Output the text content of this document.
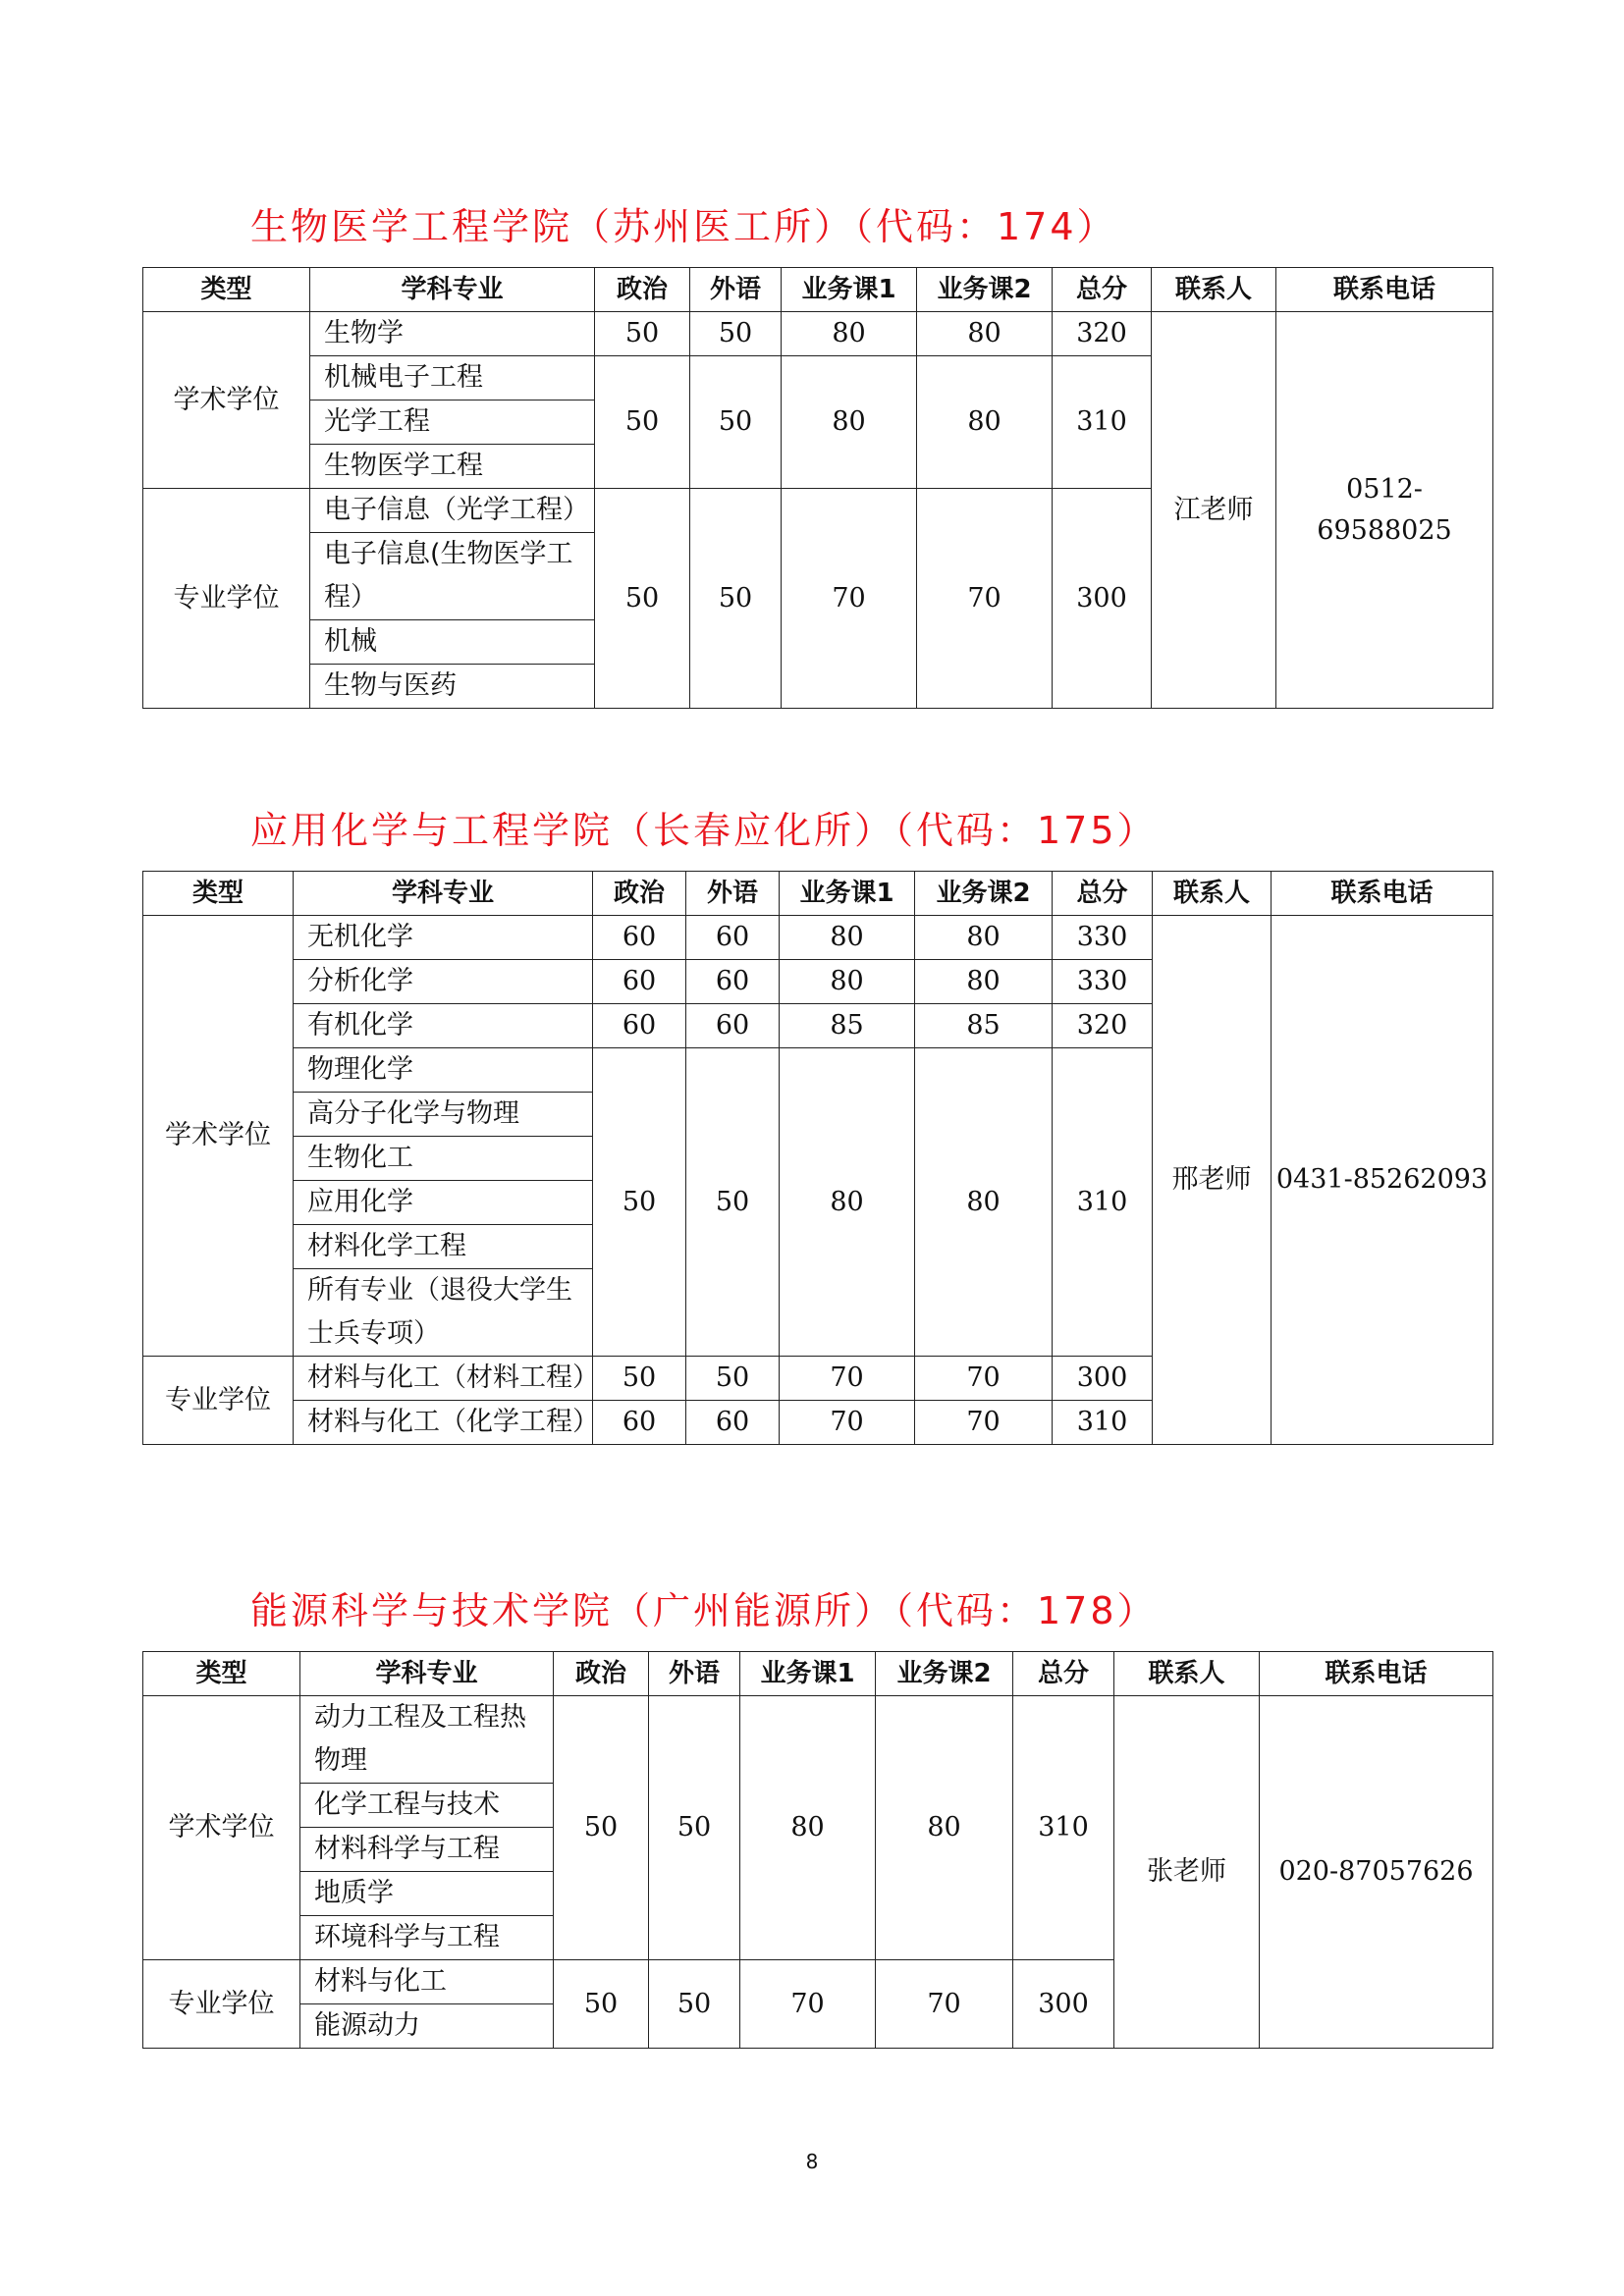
生物医学工程学院（苏州医工所）（代码：174）
类型	学科专业	政治	外语	业务课1	业务课2	总分	联系人	联系电话
学术学位	生物学	50	50	80	80	320	江老师	0512-69588025
	机械电子工程	50	50	80	80	310		
	光学工程							
	生物医学工程							
专业学位	电子信息（光学工程）	50	50	70	70	300		
	电子信息(生物医学工程）							
	机械							
	生物与医药							
应用化学与工程学院（长春应化所）（代码：175）
类型	学科专业	政治	外语	业务课1	业务课2	总分	联系人	联系电话
学术学位	无机化学	60	60	80	80	330	邢老师	0431-85262093
	分析化学	60	60	80	80	330		
	有机化学	60	60	85	85	320		
	物理化学	50	50	80	80	310		
	高分子化学与物理							
	生物化工							
	应用化学							
	材料化学工程							
	所有专业（退役大学生士兵专项）							
专业学位	材料与化工（材料工程）	50	50	70	70	300		
	材料与化工（化学工程）	60	60	70	70	310		
能源科学与技术学院（广州能源所）（代码：178）
类型	学科专业	政治	外语	业务课1	业务课2	总分	联系人	联系电话
学术学位	动力工程及工程热物理	50	50	80	80	310	张老师	020-87057626
	化学工程与技术							
	材料科学与工程							
	地质学							
	环境科学与工程							
专业学位	材料与化工	50	50	70	70	300		
	能源动力							
8
